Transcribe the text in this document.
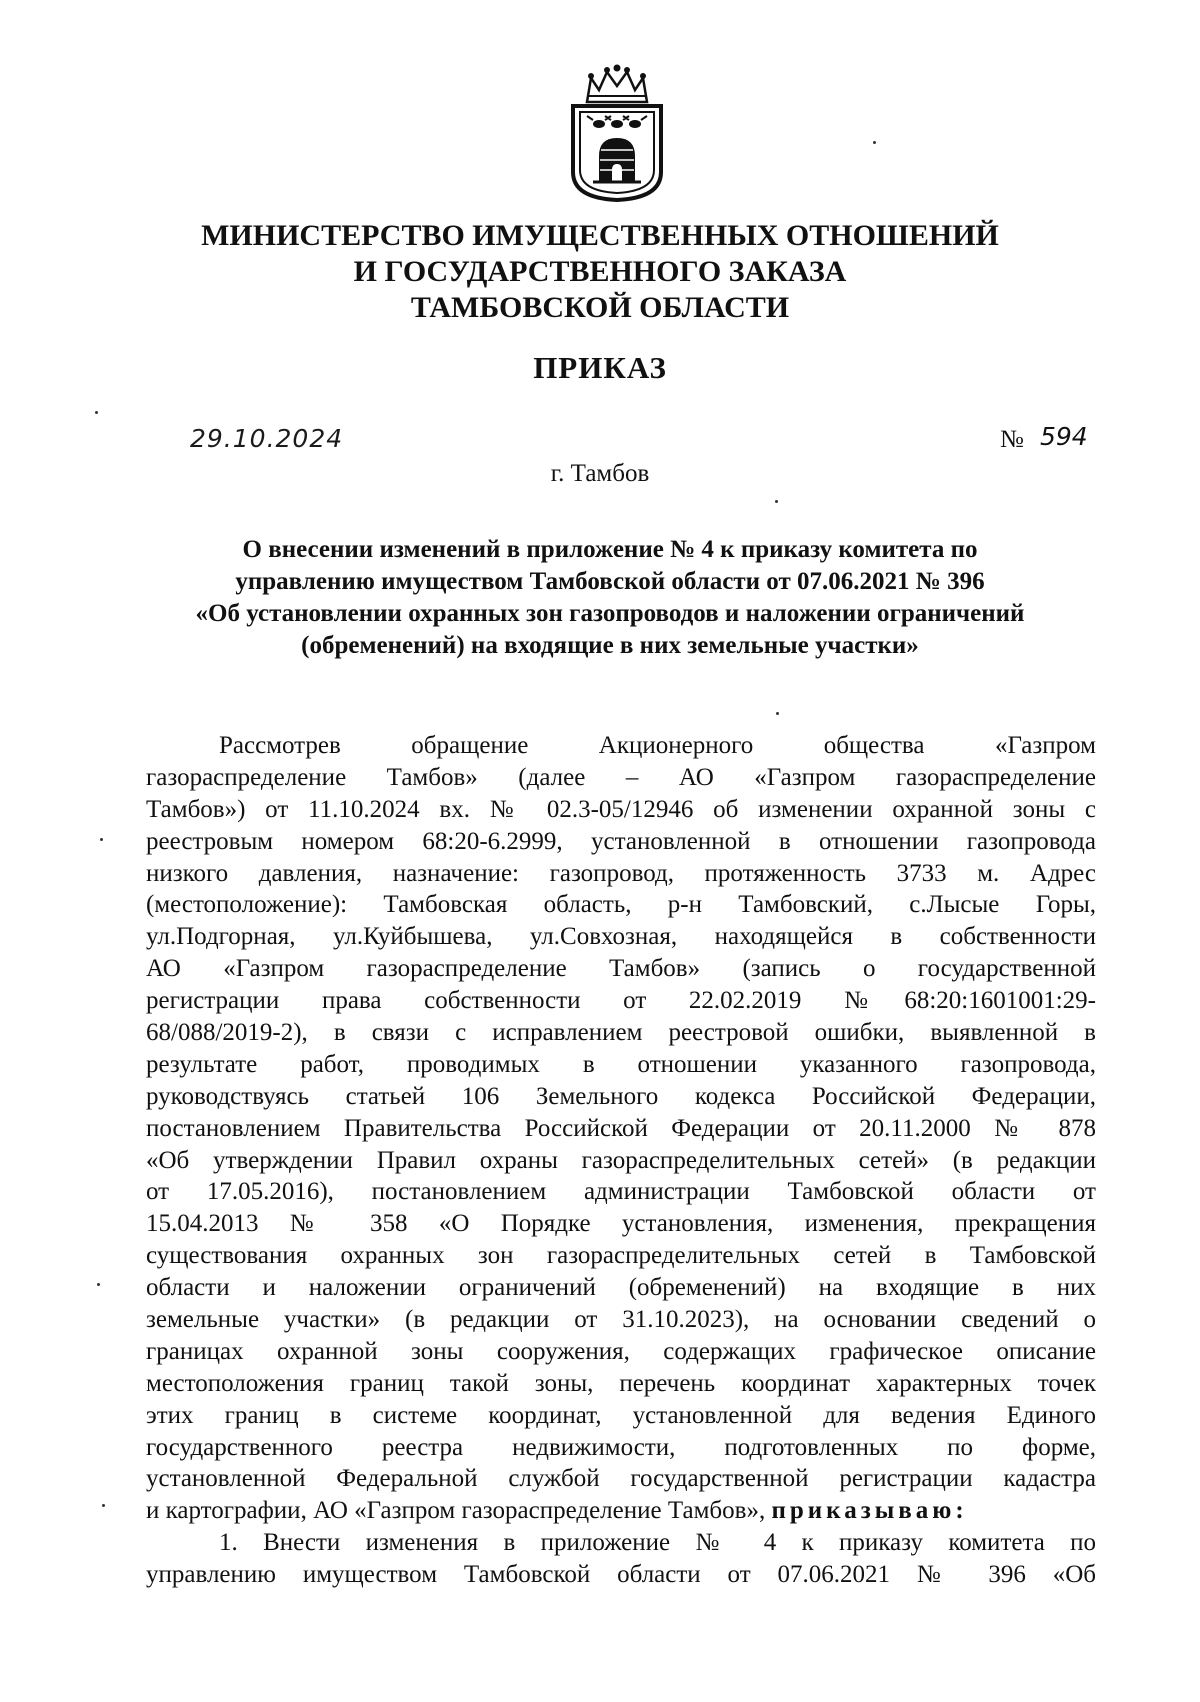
МИНИСТЕРСТВО ИМУЩЕСТВЕННЫХ ОТНОШЕНИЙ
И ГОСУДАРСТВЕННОГО ЗАКАЗА
ТАМБОВСКОЙ ОБЛАСТИ
ПРИКАЗ
29.10.2024	№ 594
г. Тамбов
О внесении изменений в приложение № 4 к приказу комитета по
управлению имуществом Тамбовской области от 07.06.2021 № 396
«Об установлении охранных зон газопроводов и наложении ограничений
(обременений) на входящие в них земельные участки»
Рассмотрев обращение Акционерного общества «Газпром
газораспределение Тамбов» (далее – АО «Газпром газораспределение
Тамбов») от 11.10.2024 вх. № 02.3-05/12946 об изменении охранной зоны с
реестровым номером 68:20-6.2999, установленной в отношении газопровода
низкого давления, назначение: газопровод, протяженность 3733 м. Адрес
(местоположение): Тамбовская область, р-н Тамбовский, с.Лысые Горы,
ул.Подгорная, ул.Куйбышева, ул.Совхозная, находящейся в собственности
АО «Газпром газораспределение Тамбов» (запись о государственной
регистрации права собственности от 22.02.2019 №68:20:1601001:29-
68/088/2019-2), в связи с исправлением реестровой ошибки, выявленной в
результате работ, проводимых в отношении указанного газопровода,
руководствуясь статьей 106 Земельного кодекса Российской Федерации,
постановлением Правительства Российской Федерации от 20.11.2000 № 878
«Об утверждении Правил охраны газораспределительных сетей» (в редакции
от 17.05.2016), постановлением администрации Тамбовской области от
15.04.2013 № 358 «О Порядке установления, изменения, прекращения
существования охранных зон газораспределительных сетей в Тамбовской
области и наложении ограничений (обременений) на входящие в них
земельные участки» (в редакции от 31.10.2023), на основании сведений о
границах охранной зоны сооружения, содержащих графическое описание
местоположения границ такой зоны, перечень координат характерных точек
этих границ в системе координат, установленной для ведения Единого
государственного реестра недвижимости, подготовленных по форме,
установленной Федеральной службой государственной регистрации кадастра
и картографии, АО «Газпром газораспределение Тамбов», приказываю:
1. Внести изменения в приложение № 4 к приказу комитета по
управлению имуществом Тамбовской области от 07.06.2021 № 396 «Об
